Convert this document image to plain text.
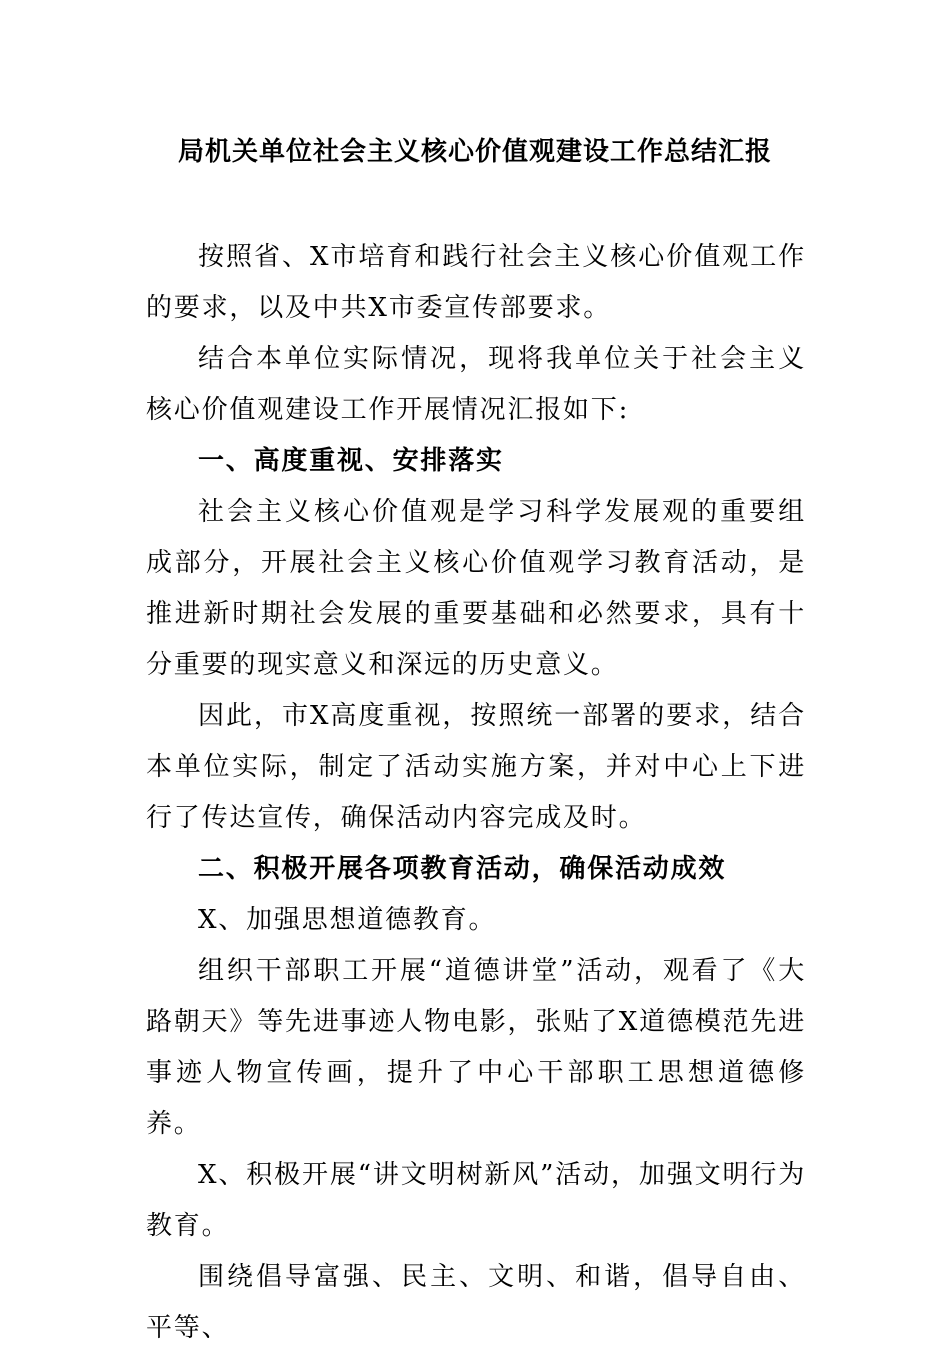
局机关单位社会主义核心价值观建设工作总结汇报

按照省、X市培育和践行社会主义核心价值观工作的要求，以及中共X市委宣传部要求。

结合本单位实际情况，现将我单位关于社会主义核心价值观建设工作开展情况汇报如下:

一、高度重视、安排落实

社会主义核心价值观是学习科学发展观的重要组成部分，开展社会主义核心价值观学习教育活动，是推进新时期社会发展的重要基础和必然要求，具有十分重要的现实意义和深远的历史意义。

因此，市X高度重视，按照统一部署的要求，结合本单位实际，制定了活动实施方案，并对中心上下进行了传达宣传，确保活动内容完成及时。

二、积极开展各项教育活动，确保活动成效

X、加强思想道德教育。

组织干部职工开展“道德讲堂”活动，观看了《大路朝天》等先进事迹人物电影，张贴了X道德模范先进事迹人物宣传画，提升了中心干部职工思想道德修养。

X、积极开展“讲文明树新风”活动，加强文明行为教育。

围绕倡导富强、民主、文明、和谐，倡导自由、平等、
